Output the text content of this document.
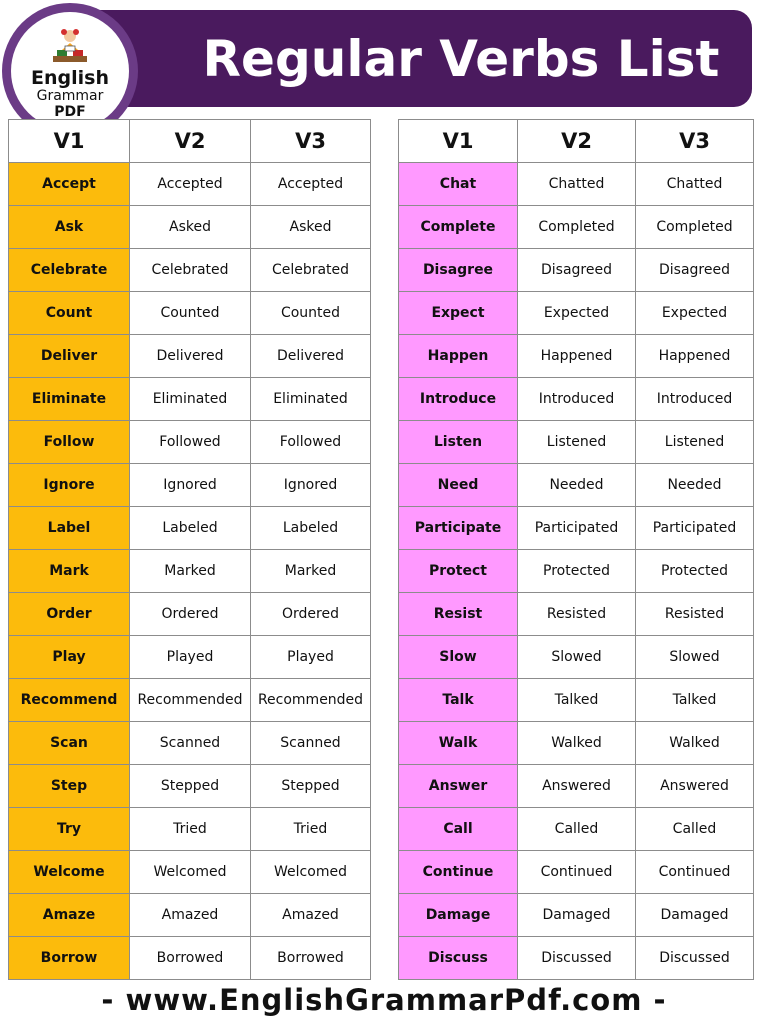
Regular Verbs List
English
Grammar
PDF
V1	V2	V3
Accept	Accepted	Accepted
Ask	Asked	Asked
Celebrate	Celebrated	Celebrated
Count	Counted	Counted
Deliver	Delivered	Delivered
Eliminate	Eliminated	Eliminated
Follow	Followed	Followed
Ignore	Ignored	Ignored
Label	Labeled	Labeled
Mark	Marked	Marked
Order	Ordered	Ordered
Play	Played	Played
Recommend	Recommended	Recommended
Scan	Scanned	Scanned
Step	Stepped	Stepped
Try	Tried	Tried
Welcome	Welcomed	Welcomed
Amaze	Amazed	Amazed
Borrow	Borrowed	Borrowed
V1	V2	V3
Chat	Chatted	Chatted
Complete	Completed	Completed
Disagree	Disagreed	Disagreed
Expect	Expected	Expected
Happen	Happened	Happened
Introduce	Introduced	Introduced
Listen	Listened	Listened
Need	Needed	Needed
Participate	Participated	Participated
Protect	Protected	Protected
Resist	Resisted	Resisted
Slow	Slowed	Slowed
Talk	Talked	Talked
Walk	Walked	Walked
Answer	Answered	Answered
Call	Called	Called
Continue	Continued	Continued
Damage	Damaged	Damaged
Discuss	Discussed	Discussed
- www.EnglishGrammarPdf.com -
